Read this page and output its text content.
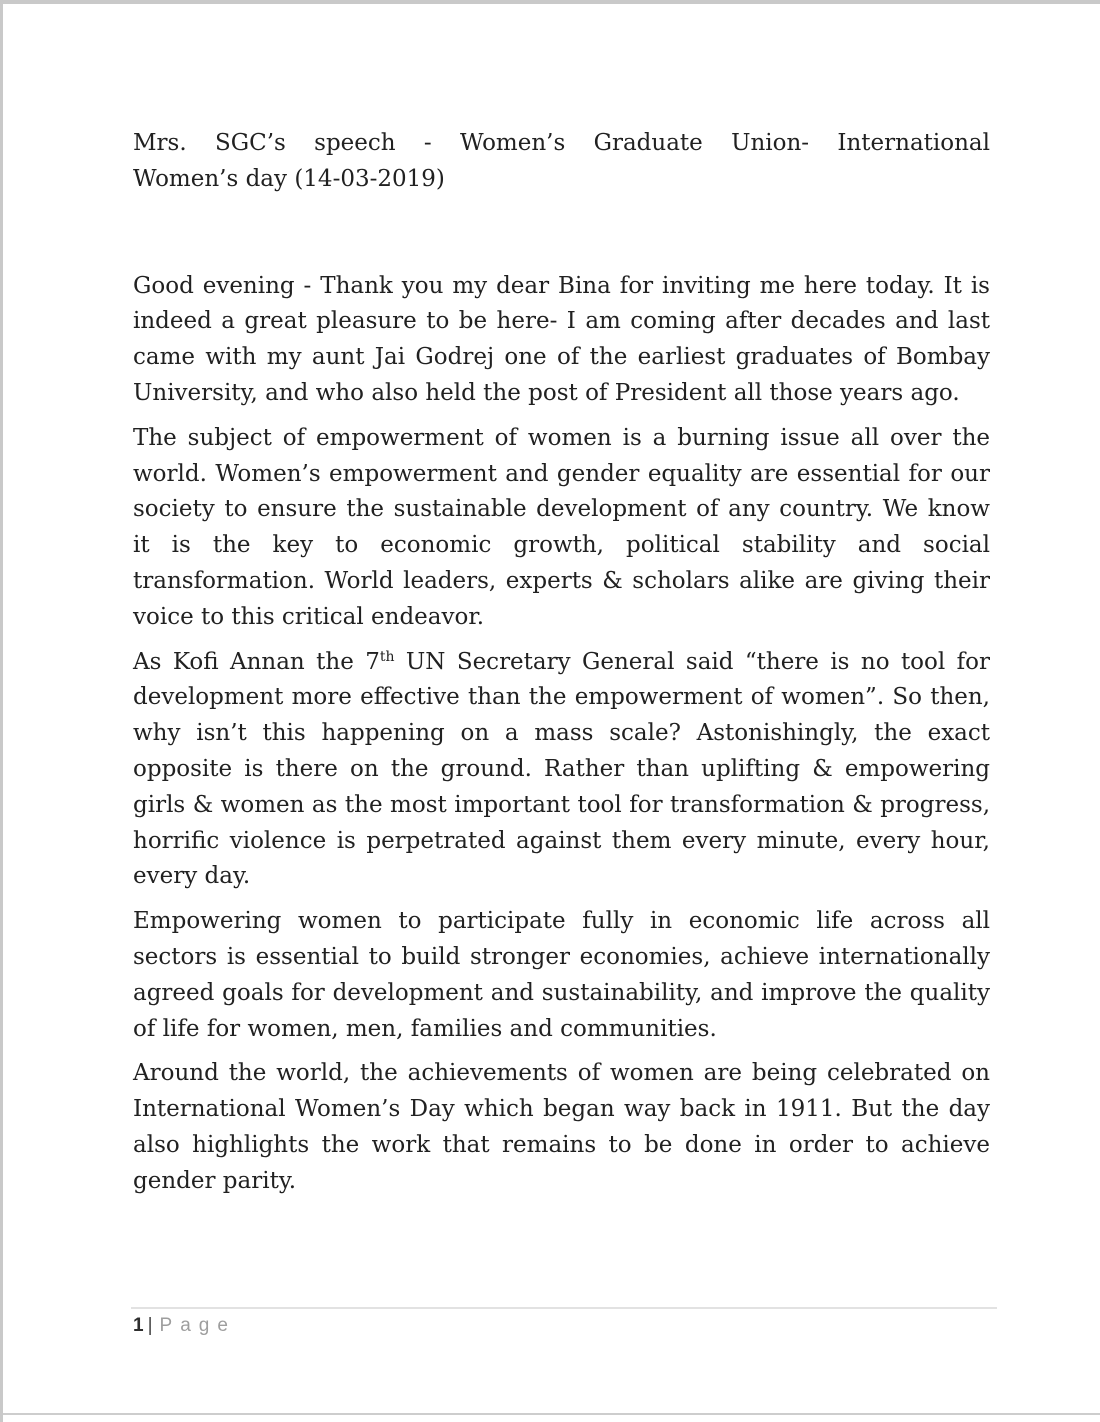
Mrs. SGC’s speech - Women’s Graduate Union- International
Women’s day (14-03-2019)

Good evening - Thank you my dear Bina for inviting me here today. It is indeed a great pleasure to be here- I am coming after decades and last came with my aunt Jai Godrej one of the earliest graduates of Bombay University, and who also held the post of President all those years ago.

The subject of empowerment of women is a burning issue all over the world. Women’s empowerment and gender equality are essential for our society to ensure the sustainable development of any country. We know it is the key to economic growth, political stability and social transformation. World leaders, experts & scholars alike are giving their voice to this critical endeavor.

As Kofi Annan the 7th UN Secretary General said “there is no tool for development more effective than the empowerment of women”. So then, why isn’t this happening on a mass scale? Astonishingly, the exact opposite is there on the ground. Rather than uplifting & empowering girls & women as the most important tool for transformation & progress, horrific violence is perpetrated against them every minute, every hour, every day.

Empowering women to participate fully in economic life across all sectors is essential to build stronger economies, achieve internationally agreed goals for development and sustainability, and improve the quality of life for women, men, families and communities.

Around the world, the achievements of women are being celebrated on International Women’s Day which began way back in 1911. But the day also highlights the work that remains to be done in order to achieve gender parity.

1 | Page
